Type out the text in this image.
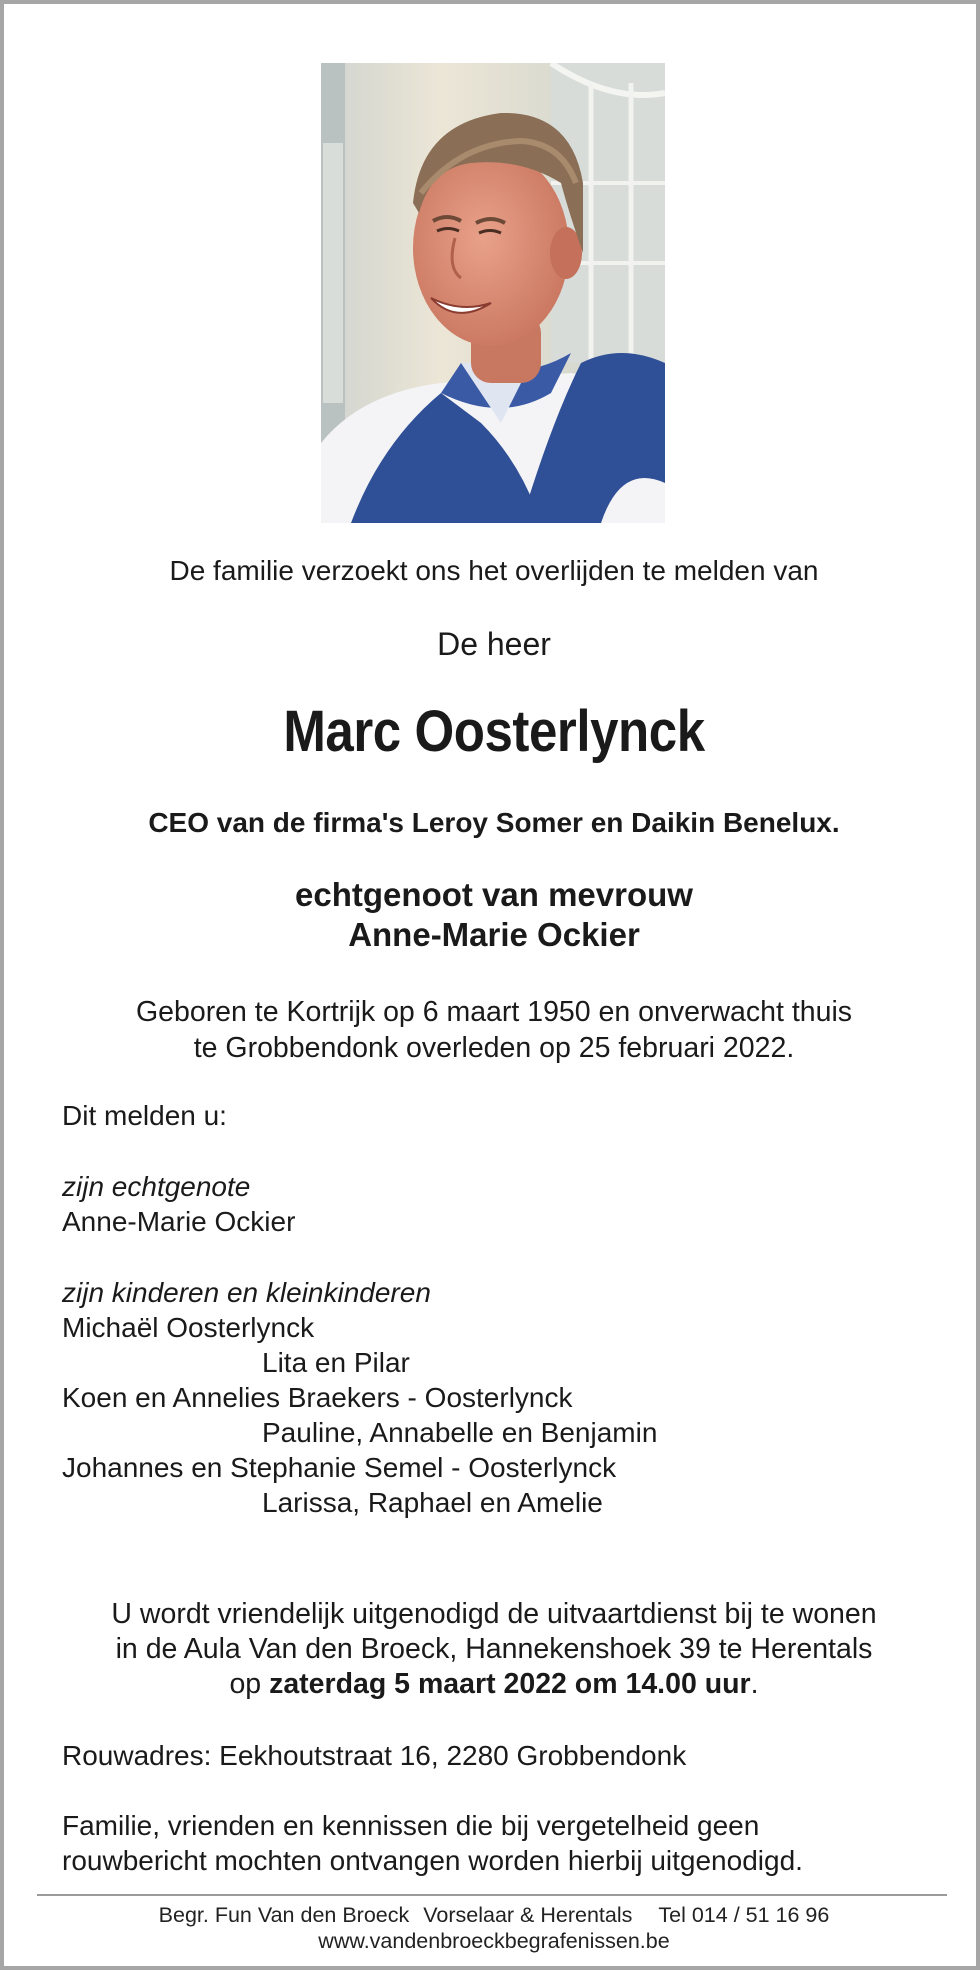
De familie verzoekt ons het overlijden te melden van
De heer
Marc Oosterlynck
CEO van de firma's Leroy Somer en Daikin Benelux.
echtgenoot van mevrouw
Anne-Marie Ockier
Geboren te Kortrijk op 6 maart 1950 en onverwacht thuis
te Grobbendonk overleden op 25 februari 2022.
Dit melden u:
zijn echtgenote
Anne-Marie Ockier
zijn kinderen en kleinkinderen
Michaël Oosterlynck
Lita en Pilar
Koen en Annelies Braekers - Oosterlynck
Pauline, Annabelle en Benjamin
Johannes en Stephanie Semel - Oosterlynck
Larissa, Raphael en Amelie
U wordt vriendelijk uitgenodigd de uitvaartdienst bij te wonen
in de Aula Van den Broeck, Hannekenshoek 39 te Herentals
op zaterdag 5 maart 2022 om 14.00 uur.
Rouwadres: Eekhoutstraat 16, 2280 Grobbendonk
Familie, vrienden en kennissen die bij vergetelheid geen
rouwbericht mochten ontvangen worden hierbij uitgenodigd.
Begr. Fun Van den Broeck Vorselaar & Herentals Tel 014 / 51 16 96
www.vandenbroeckbegrafenissen.be
